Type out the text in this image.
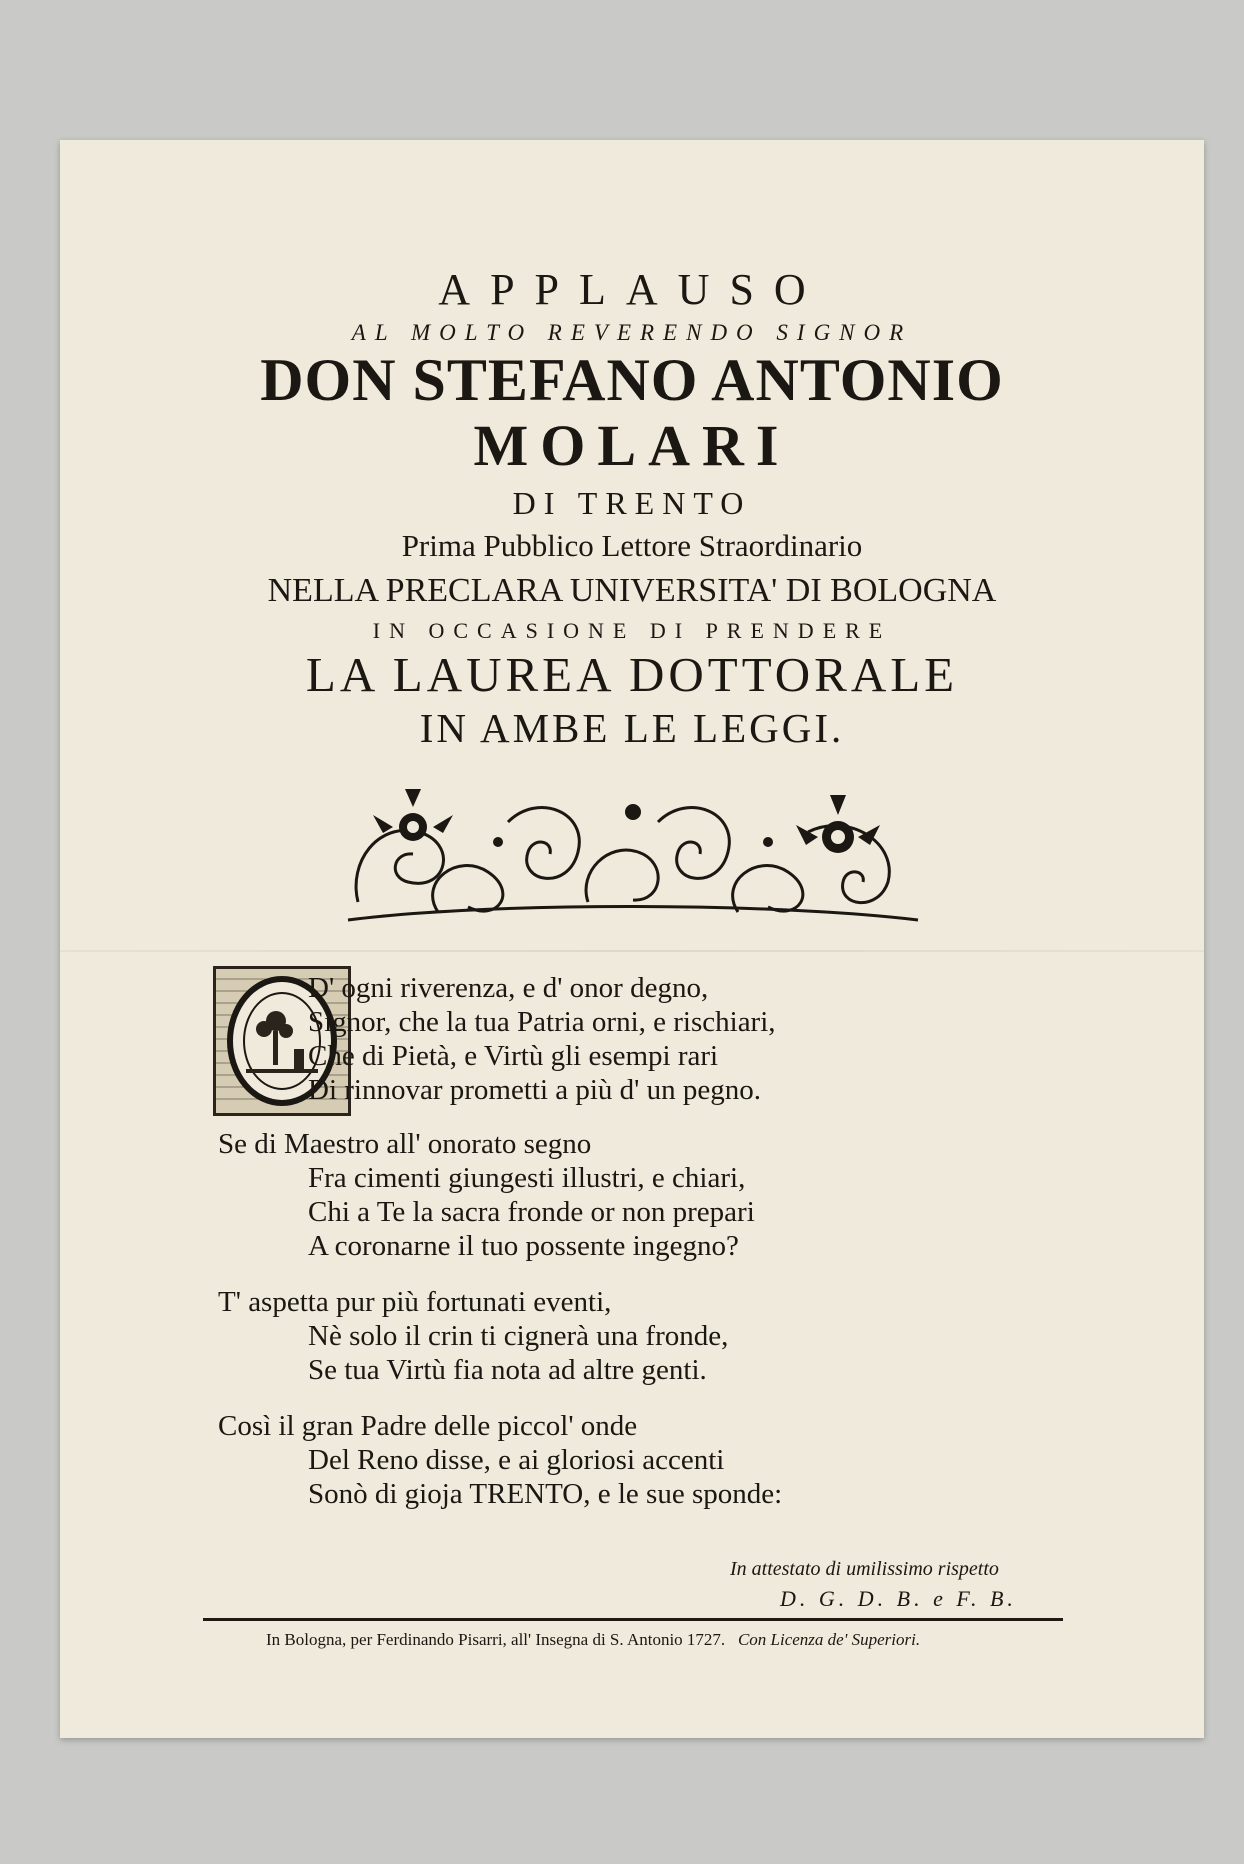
APPLAUSO
AL MOLTO REVERENDO SIGNOR
DON STEFANO ANTONIO
MOLARI
DI TRENTO
Prima Pubblico Lettore Straordinario
NELLA PRECLARA UNIVERSITA' DI BOLOGNA
IN OCCASIONE DI PRENDERE
LA LAUREA DOTTORALE
IN AMBE LE LEGGI.
D' ogni riverenza, e d' onor degno,
Signor, che la tua Patria orni, e rischiari,
Che di Pietà, e Virtù gli esempi rari
Di rinnovar prometti a più d' un pegno.
Se di Maestro all' onorato segno
Fra cimenti giungesti illustri, e chiari,
Chi a Te la sacra fronde or non prepari
A coronarne il tuo possente ingegno?
T' aspetta pur più fortunati eventi,
Nè solo il crin ti cignerà una fronde,
Se tua Virtù fia nota ad altre genti.
Così il gran Padre delle piccol' onde
Del Reno disse, e ai gloriosi accenti
Sonò di gioja TRENTO, e le sue sponde:
In attestato di umilissimo rispetto
D. G. D. B. e F. B.
In Bologna, per Ferdinando Pisarri, all' Insegna di S. Antonio 1727. Con Licenza de' Superiori.
